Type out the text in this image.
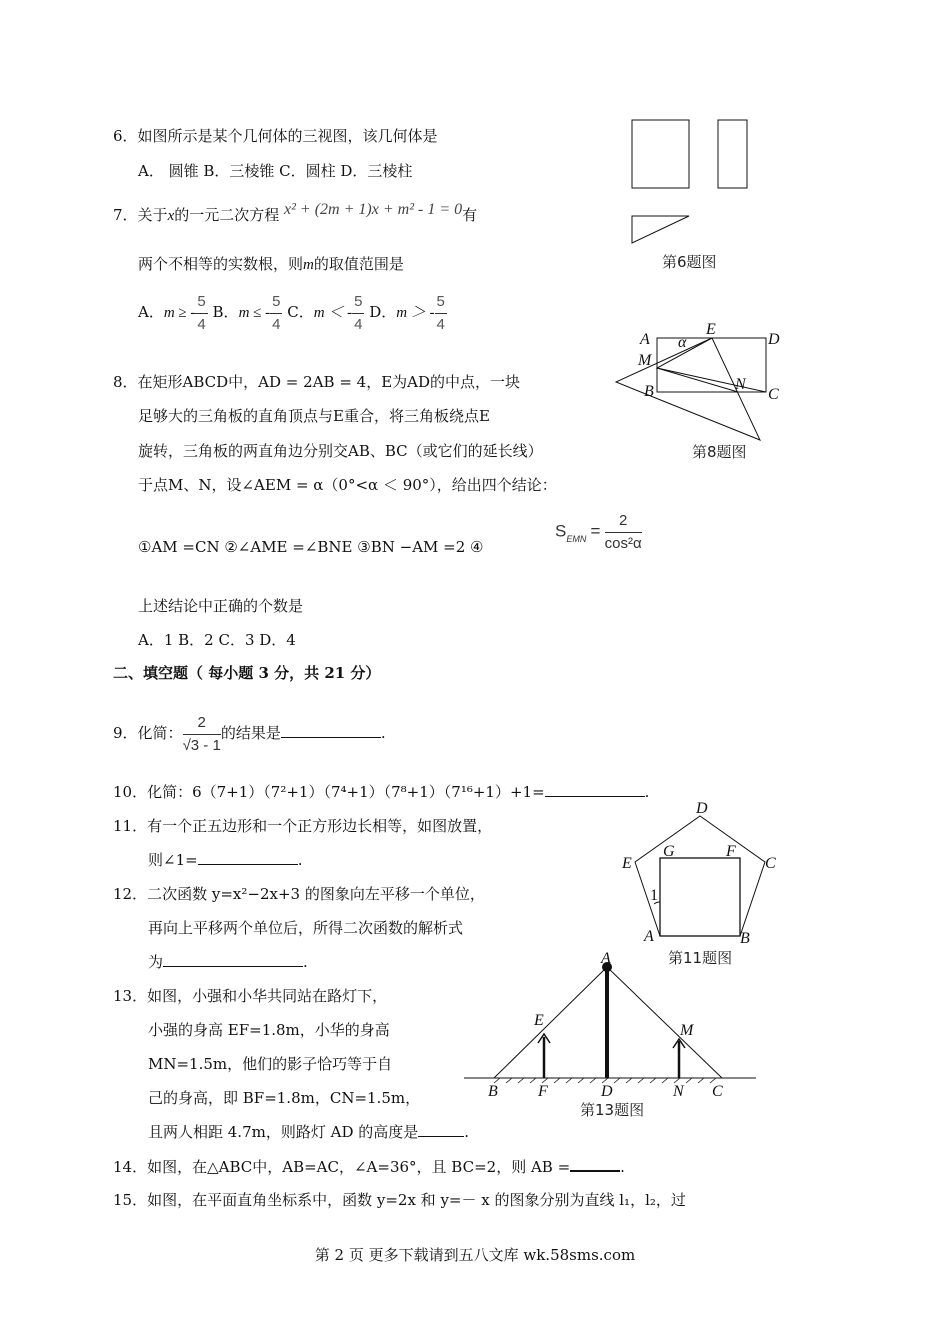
6．如图所示是某个几何体的三视图，该几何体是
A． 圆锥 B．三棱锥 C．圆柱 D．三棱柱
第6题图
7．关于x的一元二次方程 x² + (2m + 1)x + m² - 1 = 0有
两个不相等的实数根，则m的取值范围是
A．m ≥ - $\frac{5}{4}$ B．m ≤ - $\frac{5}{4}$ C．m ＜ - $\frac{5}{4}$ D．m ＞ - $\frac{5}{4}$
8．在矩形ABCD中，AD = 2AB = 4，E为AD的中点，一块
足够大的三角板的直角顶点与E重合，将三角板绕点E
旋转，三角板的两直角边分别交AB、BC（或它们的延长线）
于点M、N，设∠AEM = α（0°<α ＜ 90°），给出四个结论：
①AM =CN ②∠AME =∠BNE ③BN −AM =2 ④
$S_{EMN} = \frac{2}{\text{cos²α}}$
上述结论中正确的个数是
A．1 B．2 C．3 D．4
A
E
D
M
α
B	N
C
第8题图
二、填空题（ 每小题 3 分，共 21 分）
9．化简： $\frac{2}{√3 - 1}$ 的结果是	.
10．化简：6（7+1）（7²+1）（7⁴+1）（7⁸+1）（7¹⁶+1）+1=	.
11．有一个正五边形和一个正方形边长相等，如图放置，
则∠1=	.
D
E	C
G	F
1
A	B
第11题图
12．二次函数 y=x²−2x+3 的图象向左平移一个单位，
再向上平移两个单位后，所得二次函数的解析式
为	.
13．如图，小强和小华共同站在路灯下，
小强的身高 EF=1.8m，小华的身高
MN=1.5m，他们的影子恰巧等于自
己的身高，即 BF=1.8m，CN=1.5m，
且两人相距 4.7m，则路灯 AD 的高度是	.
A
E
M
B	F	D	N C
第13题图
14．如图，在△ABC中，AB=AC，∠A=36°，且 BC=2，则 AB =	.
15．如图，在平面直角坐标系中，函数 y=2x 和 y=－ x 的图象分别为直线 l₁，l₂，过
第 2 页 更多下载请到五八文库 wk.58sms.com
